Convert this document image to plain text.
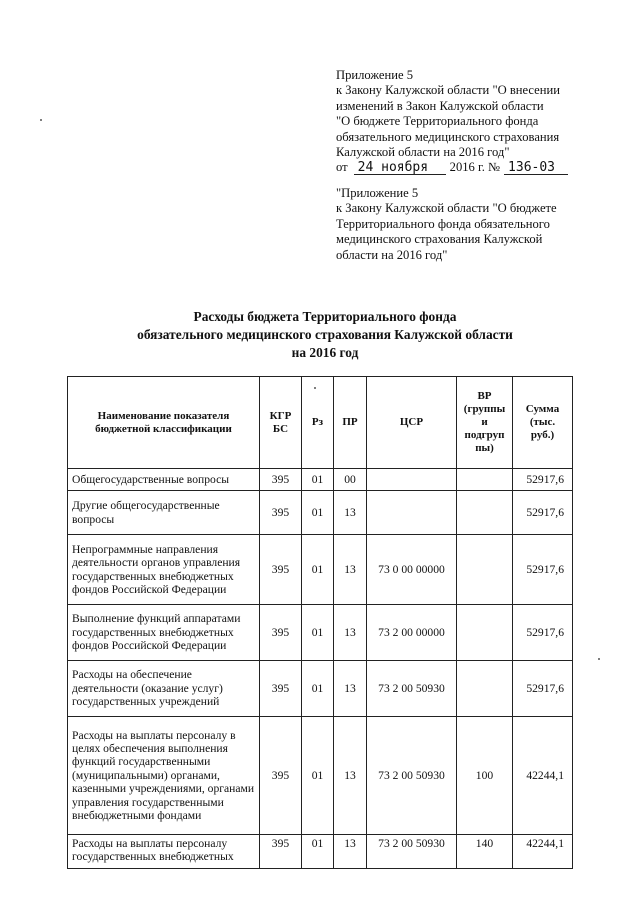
Приложение 5

к Закону Калужской области "О внесении

изменений в Закон Калужской области

"О бюджете Территориального фонда

обязательного медицинского страхования

Калужской области на 2016 год"

от 24 ноября	2016 г. № 136-03

"Приложение 5

к Закону Калужской области "О бюджете

Территориального фонда обязательного

медицинского страхования Калужской

области на 2016 год"

Расходы бюджета Территориального фонда

обязательного медицинского страхования Калужской области

на 2016 год

Наименование показателя бюджетной классификации	КГР БС	Рз	ПР	ЦСР	ВР (группы и подгруп пы)	Сумма (тыс. руб.)
Общегосударственные вопросы	395	01	00			52917,6
Другие общегосударственные вопросы	395	01	13			52917,6
Непрограммные направления деятельности органов управления государственных внебюджетных фондов Российской Федерации	395	01	13	73 0 00 00000		52917,6
Выполнение функций аппаратами государственных внебюджетных фондов Российской Федерации	395	01	13	73 2 00 00000		52917,6
Расходы на обеспечение деятельности (оказание услуг) государственных учреждений	395	01	13	73 2 00 50930		52917,6
Расходы на выплаты персоналу в целях обеспечения выполнения функций государственными (муниципальными) органами, казенными учреждениями, органами управления государственными внебюджетными фондами	395	01	13	73 2 00 50930	100	42244,1
Расходы на выплаты персоналу государственных внебюджетных	395	01	13	73 2 00 50930	140	42244,1
